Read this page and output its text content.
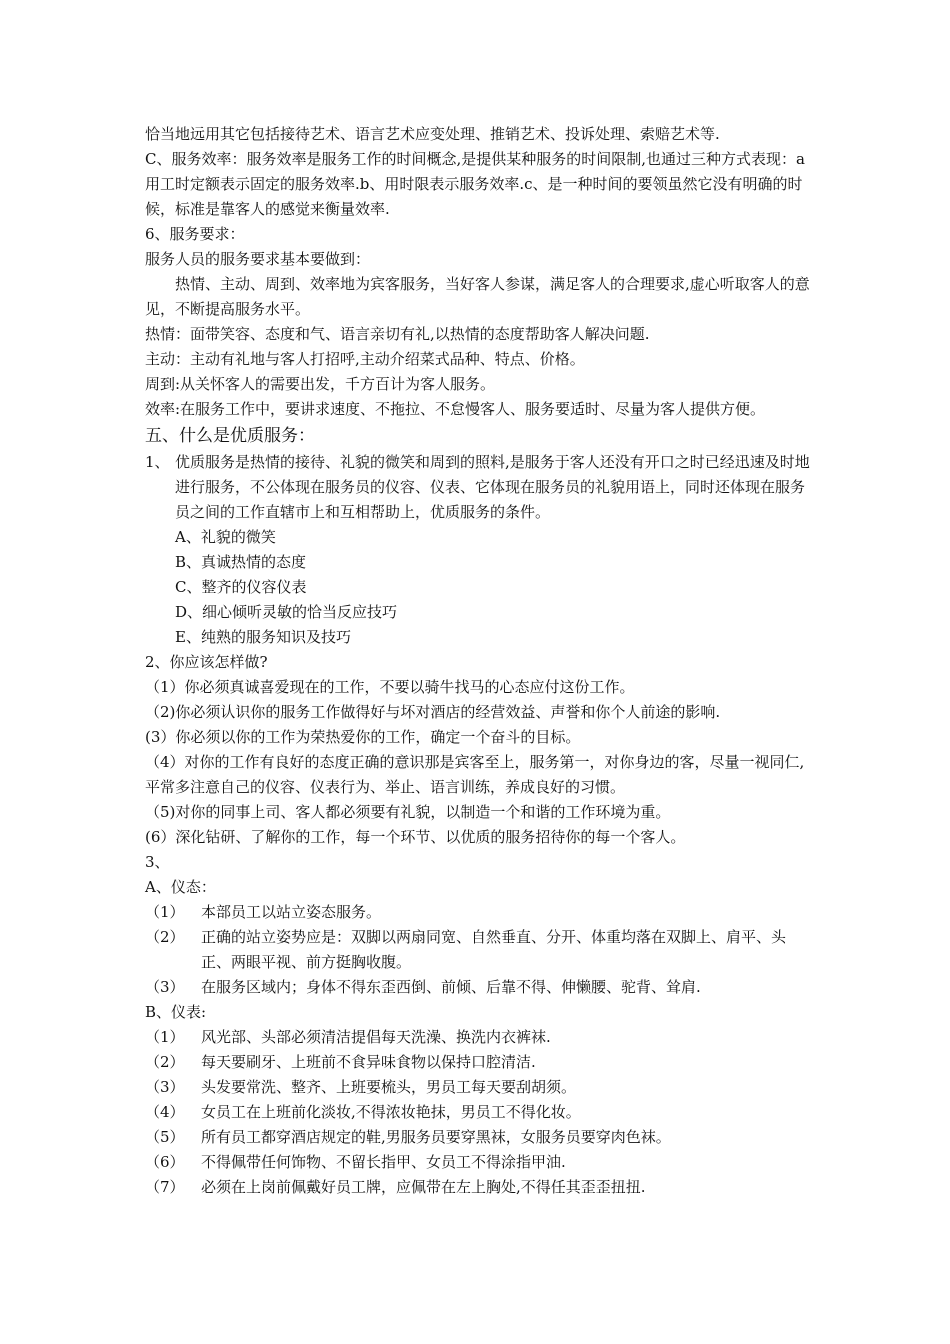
恰当地远用其它包括接待艺术、语言艺术应变处理、推销艺术、投诉处理、索赔艺术等.

C、服务效率：服务效率是服务工作的时间概念,是提供某种服务的时间限制,也通过三种方式表现：a用工时定额表示固定的服务效率.b、用时限表示服务效率.c、是一种时间的要领虽然它没有明确的时候，标准是靠客人的感觉来衡量效率.

6、服务要求：

服务人员的服务要求基本要做到：

热情、主动、周到、效率地为宾客服务，当好客人参谋，满足客人的合理要求,虚心听取客人的意见，不断提高服务水平。

热情：面带笑容、态度和气、语言亲切有礼,以热情的态度帮助客人解决问题.

主动：主动有礼地与客人打招呼,主动介绍菜式品种、特点、价格。

周到:从关怀客人的需要出发，千方百计为客人服务。

效率:在服务工作中，要讲求速度、不拖拉、不怠慢客人、服务要适时、尽量为客人提供方便。

五、什么是优质服务：

1、 优质服务是热情的接待、礼貌的微笑和周到的照料,是服务于客人还没有开口之时已经迅速及时地进行服务，不公体现在服务员的仪容、仪表、它体现在服务员的礼貌用语上，同时还体现在服务员之间的工作直辖市上和互相帮助上，优质服务的条件。

A、礼貌的微笑

B、真诚热情的态度

C、整齐的仪容仪表

D、细心倾听灵敏的恰当反应技巧

E、纯熟的服务知识及技巧

2、你应该怎样做?

（1）你必须真诚喜爱现在的工作，不要以骑牛找马的心态应付这份工作。

（2)你必须认识你的服务工作做得好与坏对酒店的经营效益、声誉和你个人前途的影响.

(3）你必须以你的工作为荣热爱你的工作，确定一个奋斗的目标。

（4）对你的工作有良好的态度正确的意识那是宾客至上，服务第一，对你身边的客，尽量一视同仁,平常多注意自己的仪容、仪表行为、举止、语言训练，养成良好的习惯。

（5)对你的同事上司、客人都必须要有礼貌，以制造一个和谐的工作环境为重。

(6）深化钻研、了解你的工作，每一个环节、以优质的服务招待你的每一个客人。

3、

A、仪态：

（1）	本部员工以站立姿态服务。
（2）	正确的站立姿势应是：双脚以两扇同宽、自然垂直、分开、体重均落在双脚上、肩平、头正、两眼平视、前方挺胸收腹。
（3）	在服务区域内；身体不得东歪西倒、前倾、后靠不得、伸懒腰、驼背、耸肩.

B、仪表:

（1）	风光部、头部必须清洁提倡每天洗澡、换洗内衣裤袜.
（2）	每天要刷牙、上班前不食异味食物以保持口腔清洁.
（3）	头发要常洗、整齐、上班要梳头，男员工每天要刮胡须。
（4）	女员工在上班前化淡妆,不得浓妆艳抹，男员工不得化妆。
（5）	所有员工都穿酒店规定的鞋,男服务员要穿黑袜，女服务员要穿肉色袜。
（6）	不得佩带任何饰物、不留长指甲、女员工不得涂指甲油.
（7）	必须在上岗前佩戴好员工牌，应佩带在左上胸处,不得任其歪歪扭扭.
